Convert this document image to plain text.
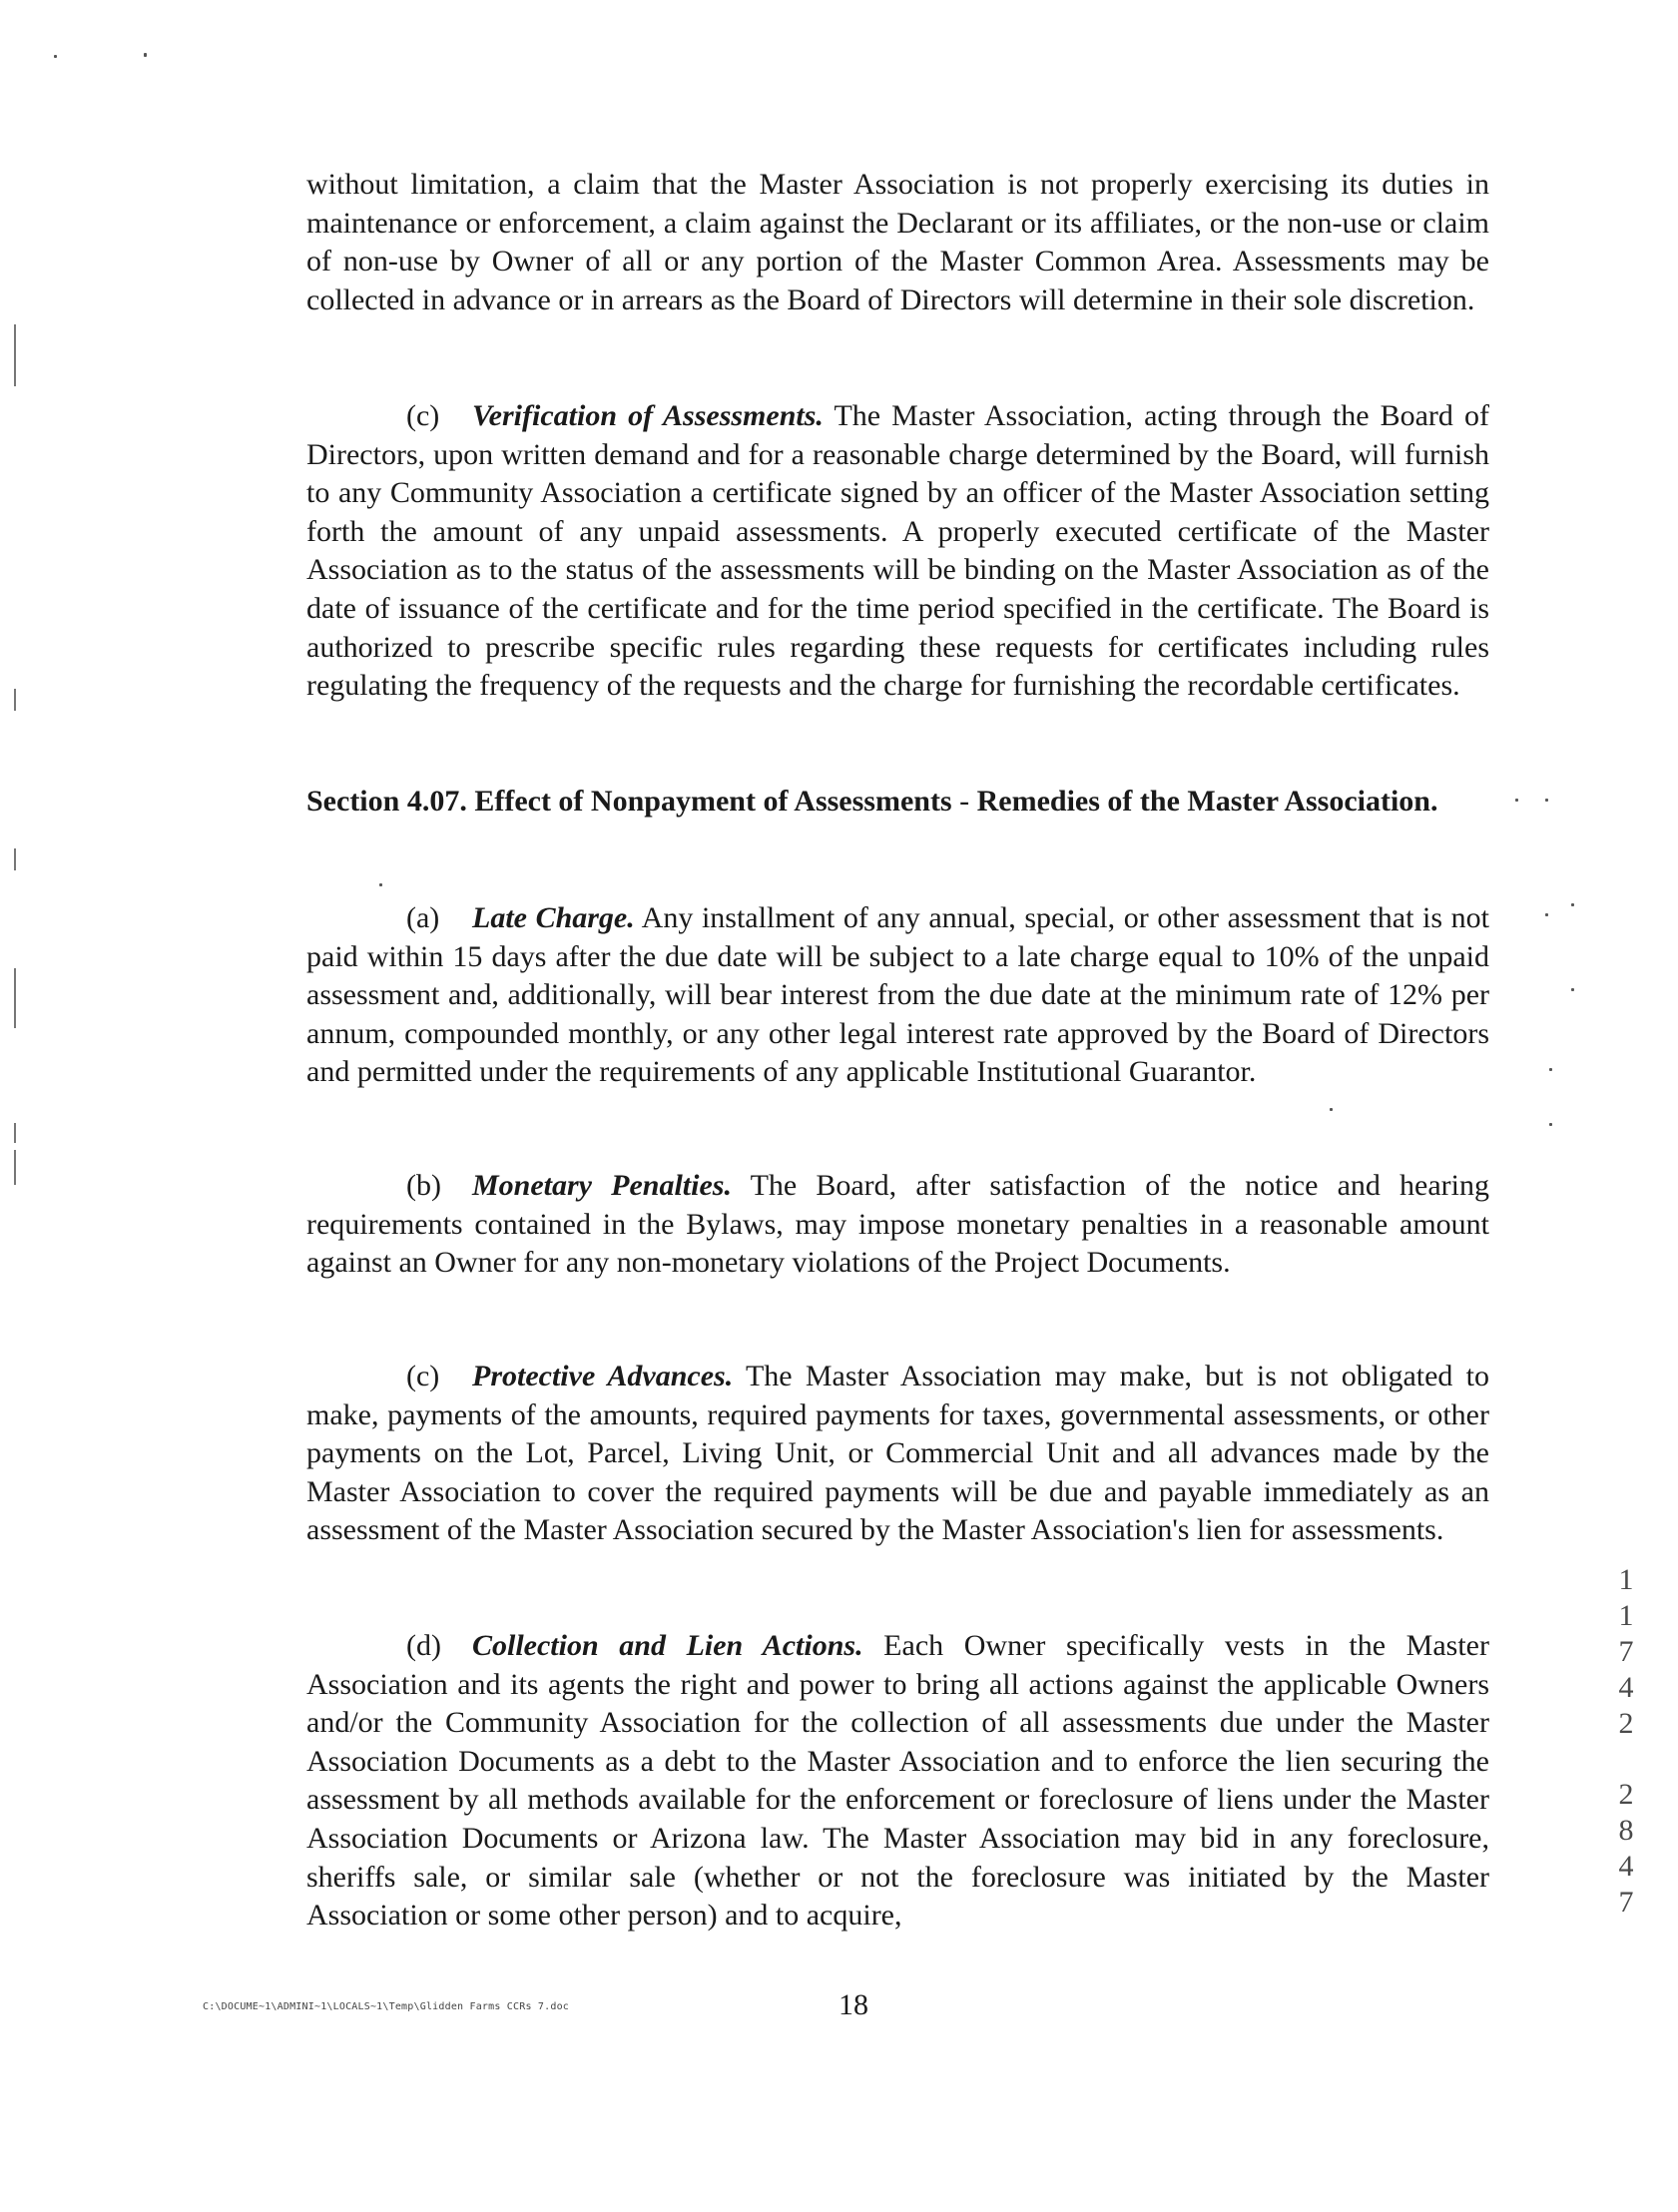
without limitation, a claim that the Master Association is not properly exercising its duties in maintenance or enforcement, a claim against the Declarant or its affiliates, or the non-use or claim of non-use by Owner of all or any portion of the Master Common Area. Assessments may be collected in advance or in arrears as the Board of Directors will determine in their sole discretion.
(c) Verification of Assessments. The Master Association, acting through the Board of Directors, upon written demand and for a reasonable charge determined by the Board, will furnish to any Community Association a certificate signed by an officer of the Master Association setting forth the amount of any unpaid assessments. A properly executed certificate of the Master Association as to the status of the assessments will be binding on the Master Association as of the date of issuance of the certificate and for the time period specified in the certificate. The Board is authorized to prescribe specific rules regarding these requests for certificates including rules regulating the frequency of the requests and the charge for furnishing the recordable certificates.
Section 4.07. Effect of Nonpayment of Assessments - Remedies of the Master Association.
(a) Late Charge. Any installment of any annual, special, or other assessment that is not paid within 15 days after the due date will be subject to a late charge equal to 10% of the unpaid assessment and, additionally, will bear interest from the due date at the minimum rate of 12% per annum, compounded monthly, or any other legal interest rate approved by the Board of Directors and permitted under the requirements of any applicable Institutional Guarantor.
(b) Monetary Penalties. The Board, after satisfaction of the notice and hearing requirements contained in the Bylaws, may impose monetary penalties in a reasonable amount against an Owner for any non-monetary violations of the Project Documents.
(c) Protective Advances. The Master Association may make, but is not obligated to make, payments of the amounts, required payments for taxes, governmental assessments, or other payments on the Lot, Parcel, Living Unit, or Commercial Unit and all advances made by the Master Association to cover the required payments will be due and payable immediately as an assessment of the Master Association secured by the Master Association's lien for assessments.
(d) Collection and Lien Actions. Each Owner specifically vests in the Master Association and its agents the right and power to bring all actions against the applicable Owners and/or the Community Association for the collection of all assessments due under the Master Association Documents as a debt to the Master Association and to enforce the lien securing the assessment by all methods available for the enforcement or foreclosure of liens under the Master Association Documents or Arizona law. The Master Association may bid in any foreclosure, sheriffs sale, or similar sale (whether or not the foreclosure was initiated by the Master Association or some other person) and to acquire,
1
1
7
4
2
2
8
4
7
C:\DOCUME~1\ADMINI~1\LOCALS~1\Temp\Glidden Farms CCRs 7.doc	18
